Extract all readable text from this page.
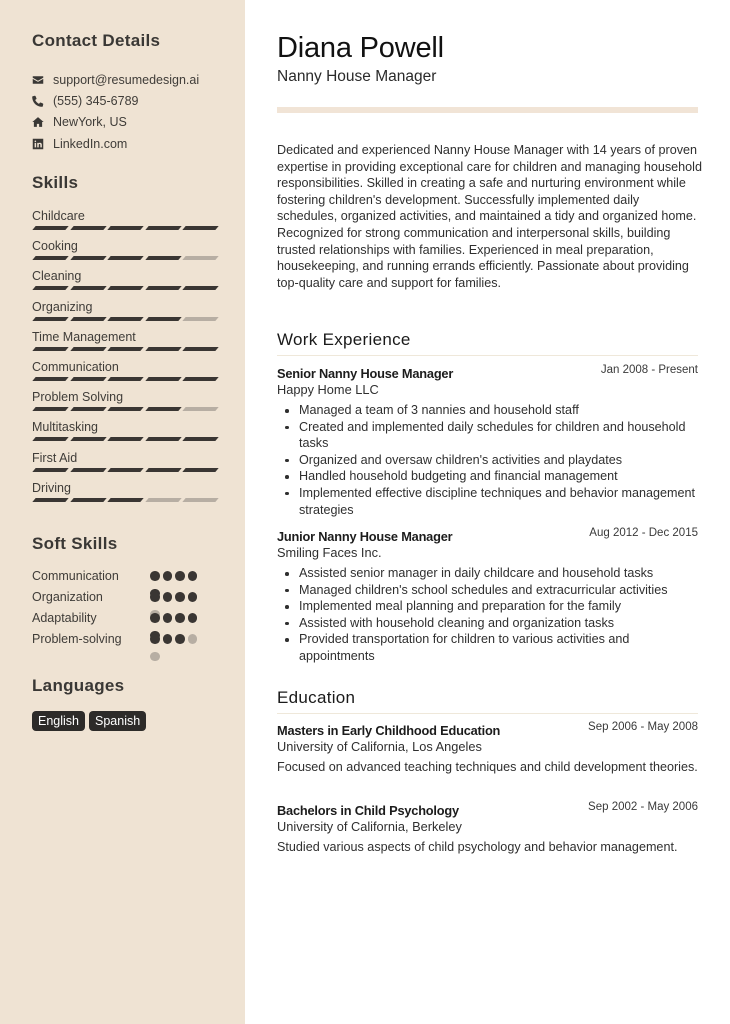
Contact Details
support@resumedesign.ai
(555) 345-6789
NewYork, US
LinkedIn.com
Skills
Childcare
Cooking
Cleaning
Organizing
Time Management
Communication
Problem Solving
Multitasking
First Aid
Driving
Soft Skills
Communication
Organization
Adaptability
Problem-solving
Languages
English	Spanish
Diana Powell
Nanny House Manager
Dedicated and experienced Nanny House Manager with 14 years of proven expertise in providing exceptional care for children and managing household responsibilities. Skilled in creating a safe and nurturing environment while fostering children's development. Successfully implemented daily schedules, organized activities, and maintained a tidy and organized home. Recognized for strong communication and interpersonal skills, building trusted relationships with families. Experienced in meal preparation, housekeeping, and running errands efficiently. Passionate about providing top-quality care and support for families.
Work Experience
Senior Nanny House Manager	Jan 2008 - Present
Happy Home LLC
Managed a team of 3 nannies and household staff
Created and implemented daily schedules for children and household tasks
Organized and oversaw children's activities and playdates
Handled household budgeting and financial management
Implemented effective discipline techniques and behavior management strategies
Junior Nanny House Manager	Aug 2012 - Dec 2015
Smiling Faces Inc.
Assisted senior manager in daily childcare and household tasks
Managed children's school schedules and extracurricular activities
Implemented meal planning and preparation for the family
Assisted with household cleaning and organization tasks
Provided transportation for children to various activities and appointments
Education
Masters in Early Childhood Education	Sep 2006 - May 2008
University of California, Los Angeles
Focused on advanced teaching techniques and child development theories.
Bachelors in Child Psychology	Sep 2002 - May 2006
University of California, Berkeley
Studied various aspects of child psychology and behavior management.
